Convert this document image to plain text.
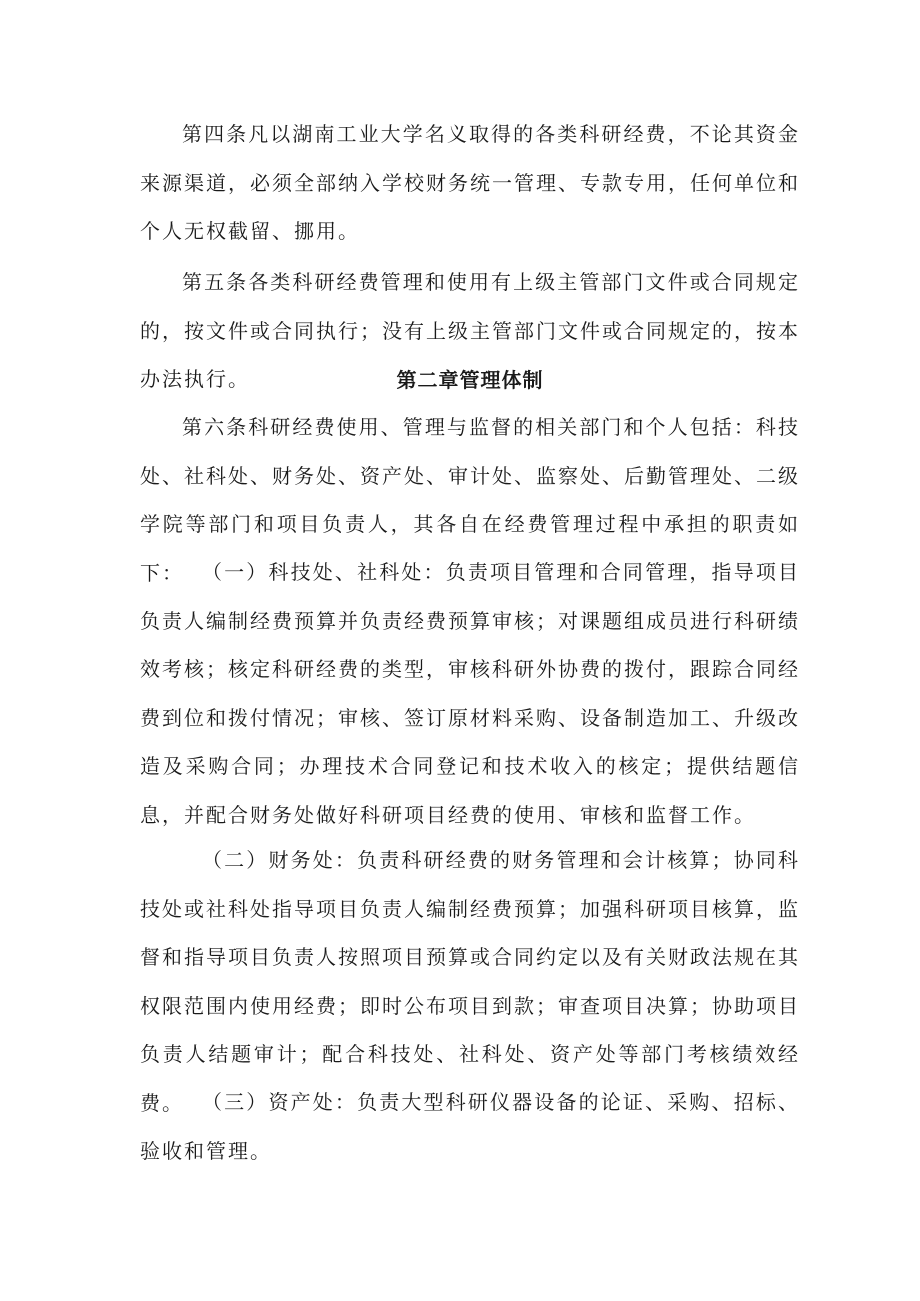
第四条凡以湖南工业大学名义取得的各类科研经费，不论其资金来源渠道，必须全部纳入学校财务统一管理、专款专用，任何单位和个人无权截留、挪用。

第五条各类科研经费管理和使用有上级主管部门文件或合同规定的，按文件或合同执行；没有上级主管部门文件或合同规定的，按本办法执行。	第二章管理体制

第六条科研经费使用、管理与监督的相关部门和个人包括：科技处、社科处、财务处、资产处、审计处、监察处、后勤管理处、二级学院等部门和项目负责人，其各自在经费管理过程中承担的职责如下： （一）科技处、社科处：负责项目管理和合同管理，指导项目负责人编制经费预算并负责经费预算审核；对课题组成员进行科研绩效考核；核定科研经费的类型，审核科研外协费的拨付，跟踪合同经费到位和拨付情况；审核、签订原材料采购、设备制造加工、升级改造及采购合同；办理技术合同登记和技术收入的核定；提供结题信息，并配合财务处做好科研项目经费的使用、审核和监督工作。

（二）财务处：负责科研经费的财务管理和会计核算；协同科技处或社科处指导项目负责人编制经费预算；加强科研项目核算，监督和指导项目负责人按照项目预算或合同约定以及有关财政法规在其权限范围内使用经费；即时公布项目到款；审查项目决算；协助项目负责人结题审计；配合科技处、社科处、资产处等部门考核绩效经费。 （三）资产处：负责大型科研仪器设备的论证、采购、招标、验收和管理。
